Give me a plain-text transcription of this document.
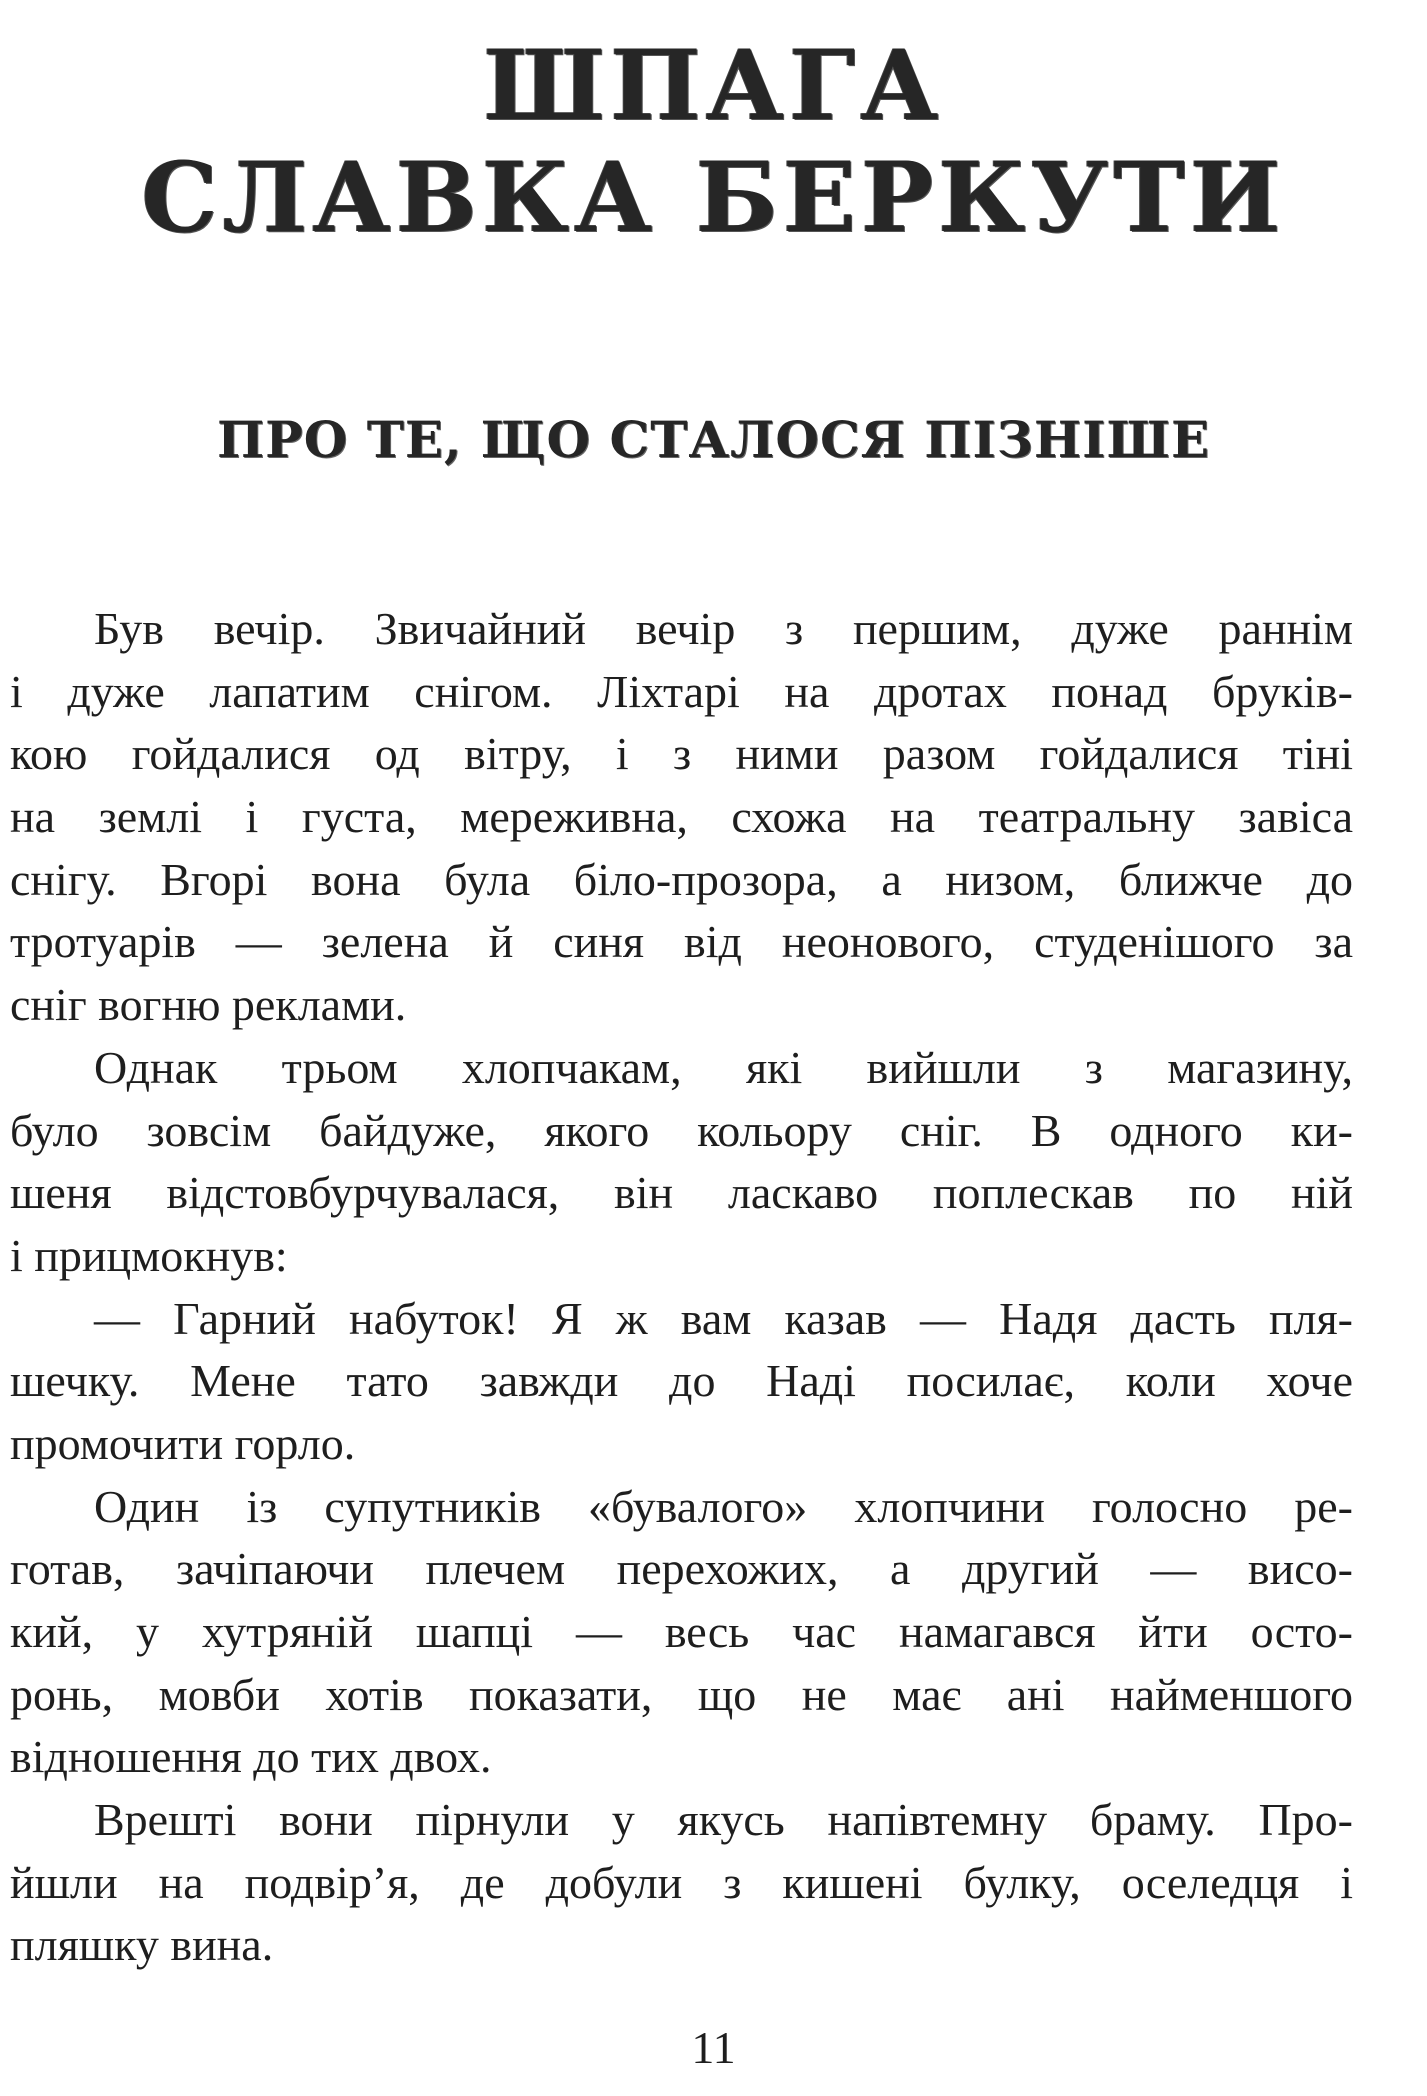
ШПАГА
СЛАВКА БЕРКУТИ
ПРО ТЕ, ЩО СТАЛОСЯ ПІЗНІШЕ
Був вечір. Звичайний вечір з першим, дуже раннім
і дуже лапатим снігом. Ліхтарі на дротах понад бруків-
кою гойдалися од вітру, і з ними разом гойдалися тіні
на землі і густа, мереживна, схожа на театральну завіса
снігу. Вгорі вона була біло-прозора, а низом, ближче до
тротуарів — зелена й синя від неонового, студенішого за
сніг вогню реклами.
Однак трьом хлопчакам, які вийшли з магазину,
було зовсім байдуже, якого кольору сніг. В одного ки-
шеня відстовбурчувалася, він ласкаво поплескав по ній
і прицмокнув:
— Гарний набуток! Я ж вам казав — Надя дасть пля-
шечку. Мене тато завжди до Наді посилає, коли хоче
промочити горло.
Один із супутників «бувалого» хлопчини голосно ре-
готав, зачіпаючи плечем перехожих, а другий — висо-
кий, у хутряній шапці — весь час намагався йти осто-
ронь, мовби хотів показати, що не має ані найменшого
відношення до тих двох.
Врешті вони пірнули у якусь напівтемну браму. Про-
йшли на подвір’я, де добули з кишені булку, оселедця і
пляшку вина.
11
